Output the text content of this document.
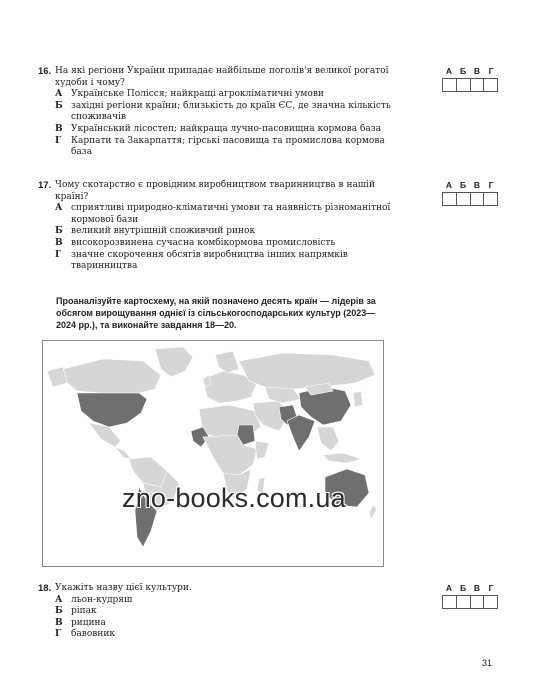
16. На які регіони України припадає найбільше поголів'я великої рогатої худоби і чому?
А Українське Полісся; найкращі агрокліматичні умови
Б західні регіони країни; близькість до країн ЄС, де значна кількість споживачів
В Український лісостеп; найкраща лучно-пасовищна кормова база
Г	Карпати та Закарпаття; гірські пасовища та промислова кормова база
А Б В	Г
17. Чому скотарство є провідним виробництвом тваринництва в нашій країні?
А сприятливі природно-кліматичні умови та наявність різноманітної кормової бази
Б великий внутрішній споживчий ринок
В високорозвинена сучасна комбікормова промисловість
Г	значне скорочення обсягів виробництва інших напрямків тваринництва
А Б В	Г
Проаналізуйте картосхему, на якій позначено десять країн — лідерів за обсягом вирощування однієї із сільськогосподарських культур (2023—2024 рр.), та виконайте завдання 18—20.
zno-books.com.ua
18. Укажіть назву цієї культури.
А льон-кудряш
Б ріпак
В рицина
Г	бавовник
А Б В	Г
31
